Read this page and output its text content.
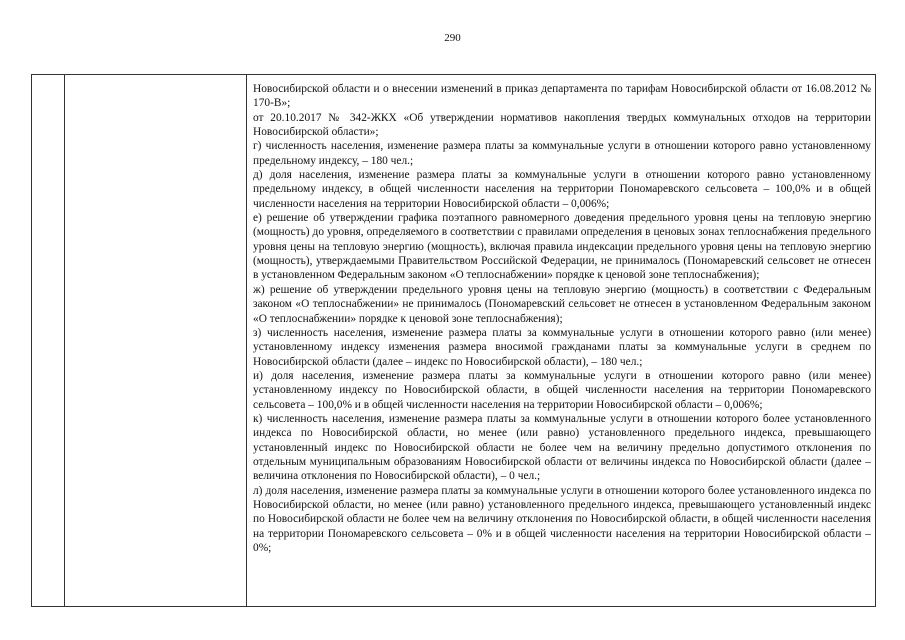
290

Новосибирской области и о внесении изменений в приказ департамента по тарифам Новосибирской области от 16.08.2012 № 170-В»;

от 20.10.2017 № 342-ЖКХ «Об утверждении нормативов накопления твердых коммунальных отходов на территории Новосибирской области»;

г) численность населения, изменение размера платы за коммунальные услуги в отношении которого равно установленному предельному индексу, – 180 чел.;

д) доля населения, изменение размера платы за коммунальные услуги в отношении которого равно установленному предельному индексу, в общей численности населения на территории Пономаревского сельсовета – 100,0% и в общей численности населения на территории Новосибирской области – 0,006%;

е) решение об утверждении графика поэтапного равномерного доведения предельного уровня цены на тепловую энергию (мощность) до уровня, определяемого в соответствии с правилами определения в ценовых зонах теплоснабжения предельного уровня цены на тепловую энергию (мощность), включая правила индексации предельного уровня цены на тепловую энергию (мощность), утверждаемыми Правительством Российской Федерации, не принималось (Пономаревский сельсовет не отнесен в установленном Федеральным законом «О теплоснабжении» порядке к ценовой зоне теплоснабжения);

ж) решение об утверждении предельного уровня цены на тепловую энергию (мощность) в соответствии с Федеральным законом «О теплоснабжении» не принималось (Пономаревский сельсовет не отнесен в установленном Федеральным законом «О теплоснабжении» порядке к ценовой зоне теплоснабжения);

з) численность населения, изменение размера платы за коммунальные услуги в отношении которого равно (или менее) установленному индексу изменения размера вносимой гражданами платы за коммунальные услуги в среднем по Новосибирской области (далее – индекс по Новосибирской области), – 180 чел.;

и) доля населения, изменение размера платы за коммунальные услуги в отношении которого равно (или менее) установленному индексу по Новосибирской области, в общей численности населения на территории Пономаревского сельсовета – 100,0% и в общей численности населения на территории Новосибирской области – 0,006%;

к) численность населения, изменение размера платы за коммунальные услуги в отношении которого более установленного индекса по Новосибирской области, но менее (или равно) установленного предельного индекса, превышающего установленный индекс по Новосибирской области не более чем на величину предельно допустимого отклонения по отдельным муниципальным образованиям Новосибирской области от величины индекса по Новосибирской области (далее – величина отклонения по Новосибирской области), – 0 чел.;

л) доля населения, изменение размера платы за коммунальные услуги в отношении которого более установленного индекса по Новосибирской области, но менее (или равно) установленного предельного индекса, превышающего установленный индекс по Новосибирской области не более чем на величину отклонения по Новосибирской области, в общей численности населения на территории Пономаревского сельсовета – 0% и в общей численности населения на территории Новосибирской области – 0%;
